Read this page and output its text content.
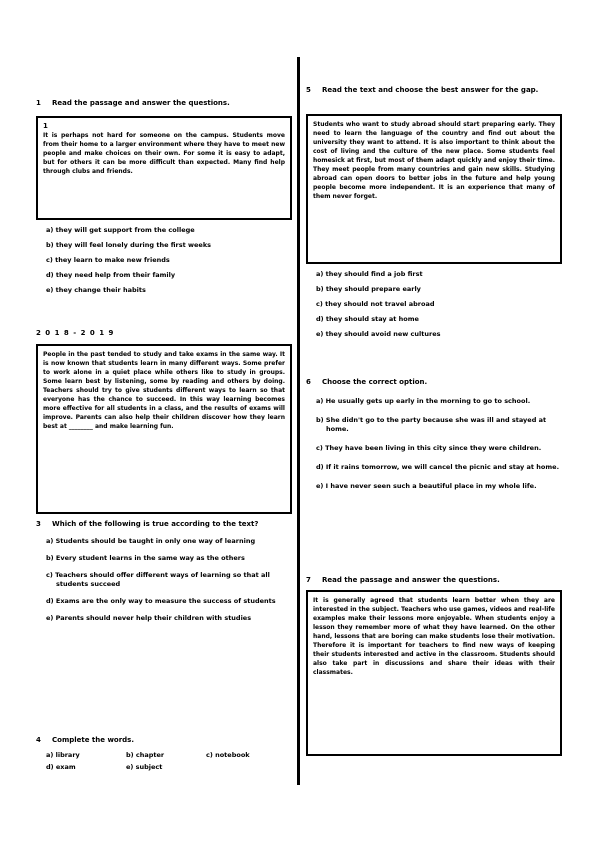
1	Read the passage and answer the questions.
1
It is perhaps not hard for someone on the campus. Students move from their home to a larger environment where they have to meet new people and make choices on their own. For some it is easy to adapt, but for others it can be more difficult than expected. Many find help through clubs and friends.
a) they will get support from the college
b) they will feel lonely during the first weeks
c) they learn to make new friends
d) they need help from their family
e) they change their habits
2 0 1 8 - 2 0 1 9
People in the past tended to study and take exams in the same way. It is now known that students learn in many different ways. Some prefer to work alone in a quiet place while others like to study in groups. Some learn best by listening, some by reading and others by doing. Teachers should try to give students different ways to learn so that everyone has the chance to succeed. In this way learning becomes more effective for all students in a class, and the results of exams will improve. Parents can also help their children discover how they learn best at ________ and make learning fun.
3	Which of the following is true according to the text?
a) Students should be taught in only one way of learning
b) Every student learns in the same way as the others
c) Teachers should offer different ways of learning so that all students succeed
d) Exams are the only way to measure the success of students
e) Parents should never help their children with studies
4	Complete the words.
a) library	b) chapter	c) notebook
d) exam	e) subject
5	Read the text and choose the best answer for the gap.
Students who want to study abroad should start preparing early. They need to learn the language of the country and find out about the university they want to attend. It is also important to think about the cost of living and the culture of the new place. Some students feel homesick at first, but most of them adapt quickly and enjoy their time. They meet people from many countries and gain new skills. Studying abroad can open doors to better jobs in the future and help young people become more independent. It is an experience that many of them never forget.
a) they should find a job first
b) they should prepare early
c) they should not travel abroad
d) they should stay at home
e) they should avoid new cultures
6	Choose the correct option.
a) He usually gets up early in the morning to go to school.
b) She didn't go to the party because she was ill and stayed at home.
c) They have been living in this city since they were children.
d) If it rains tomorrow, we will cancel the picnic and stay at home.
e) I have never seen such a beautiful place in my whole life.
7	Read the passage and answer the questions.
It is generally agreed that students learn better when they are interested in the subject. Teachers who use games, videos and real-life examples make their lessons more enjoyable. When students enjoy a lesson they remember more of what they have learned. On the other hand, lessons that are boring can make students lose their motivation. Therefore it is important for teachers to find new ways of keeping their students interested and active in the classroom. Students should also take part in discussions and share their ideas with their classmates.
